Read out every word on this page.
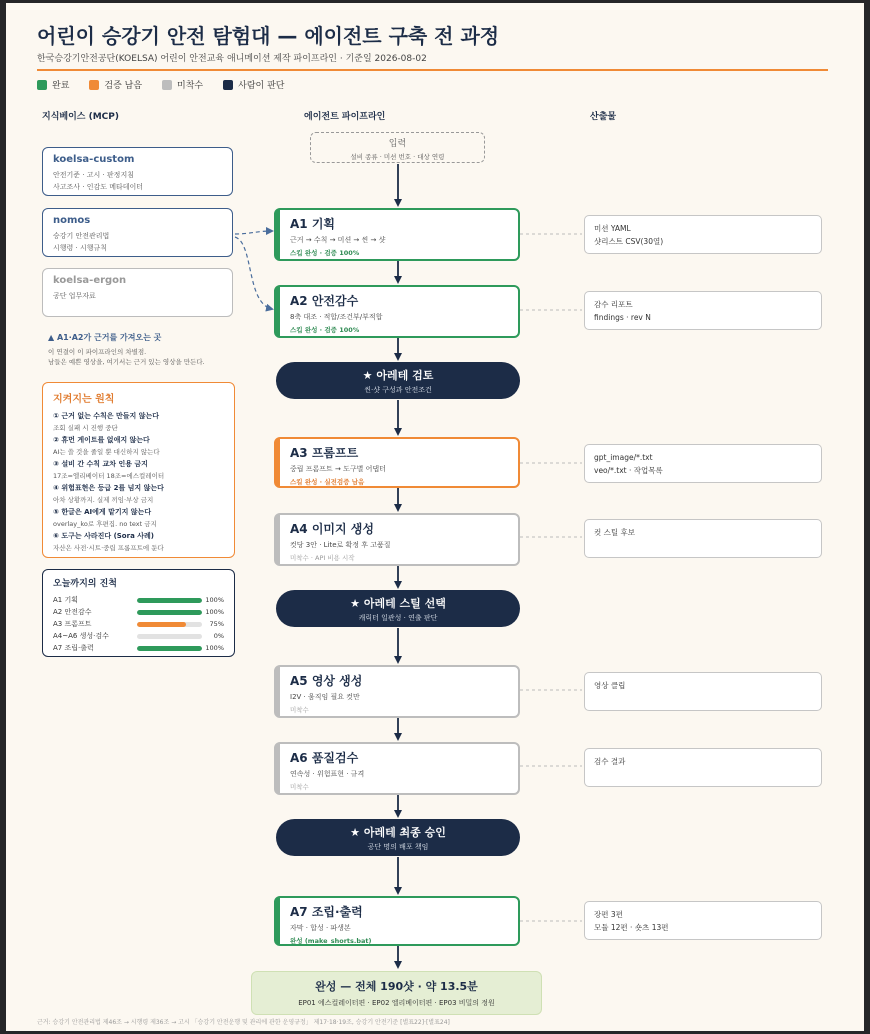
어린이 승강기 안전 탐험대 — 에이전트 구축 전 과정
한국승강기안전공단(KOELSA) 어린이 안전교육 애니메이션 제작 파이프라인 · 기준일 2026-08-02
완료	검증 남음	미착수	사람이 판단
지식베이스 (MCP)	에이전트 파이프라인	산출물
koelsa-custom
안전기준 · 고시 · 판정지침
사고조사 · 인감도 메타데이터
nomos
승강기 안전관리법
시행령 · 시행규칙
koelsa-ergon
공단 업무자료
▲ A1·A2가 근거를 가져오는 곳
이 연결이 이 파이프라인의 차별점.
남들은 예쁜 영상을, 여기서는 근거 있는 영상을 만든다.
지켜지는 원칙
① 근거 없는 수칙은 만들지 않는다
조회 실패 시 진행 중단
② 휴먼 게이트를 없애지 않는다
AI는 쓸 것을 줄일 뿐 대신하지 않는다
③ 설비 간 수칙 교차 인용 금지
17조=엘리베이터 18조=에스컬레이터
④ 위험표현은 등급 2를 넘지 않는다
아차 상황까지. 실제 끼임·부상 금지
⑤ 한글은 AI에게 맡기지 않는다
overlay_ko로 후편집. no text 금지
⑥ 도구는 사라진다 (Sora 사례)
자산은 사전·시트·중립 프롬프트에 둔다
오늘까지의 진척
A1 기획	100%
A2 안전감수	100%
A3 프롬프트	75%
A4~A6 생성·검수	0%
A7 조립·출력	100%
입력
설비 종류 · 미션 번호 · 대상 연령
A1 기획
근거 → 수칙 → 미션 → 씬 → 샷
스킵 완성 · 검증 100%
A2 안전감수
8축 대조 · 적합/조건부/부적합
스킵 완성 · 검증 100%
★ 아레테 검토
씬·샷 구성과 안전조건
A3 프롬프트
중립 프롬프트 → 도구별 어댑터
스킬 완성 · 실전검증 남음
A4 이미지 생성
컷당 3안 · Lite로 확정 후 고품질
미착수 · API 비용 시작
★ 아레테 스틸 선택
캐릭터 일관성 · 연출 판단
A5 영상 생성
I2V · 움직임 필요 컷만
미착수
A6 품질검수
연속성 · 위험표현 · 규격
미착수
★ 아레테 최종 승인
공단 명의 배포 책임
A7 조립·출력
자막 · 합성 · 파생본
완성 (make_shorts.bat)
미션 YAML
샷리스트 CSV(30열)
감수 리포트
findings · rev N
gpt_image/*.txt
veo/*.txt · 작업목록
컷 스틸 후보
영상 클립
검수 결과
장편 3편
모듈 12편 · 숏츠 13편
완성 — 전체 190샷 · 약 13.5분
EP01 에스컬레이터편 · EP02 엘리베이터편 · EP03 비밀의 정원
근거: 승강기 안전관리법 제46조 → 시행령 제36조 → 고시 「승강기 안전운행 및 관리에 관한 운영규정」 제17·18·19조, 승강기 안전기준 [별표22]·[별표24]
